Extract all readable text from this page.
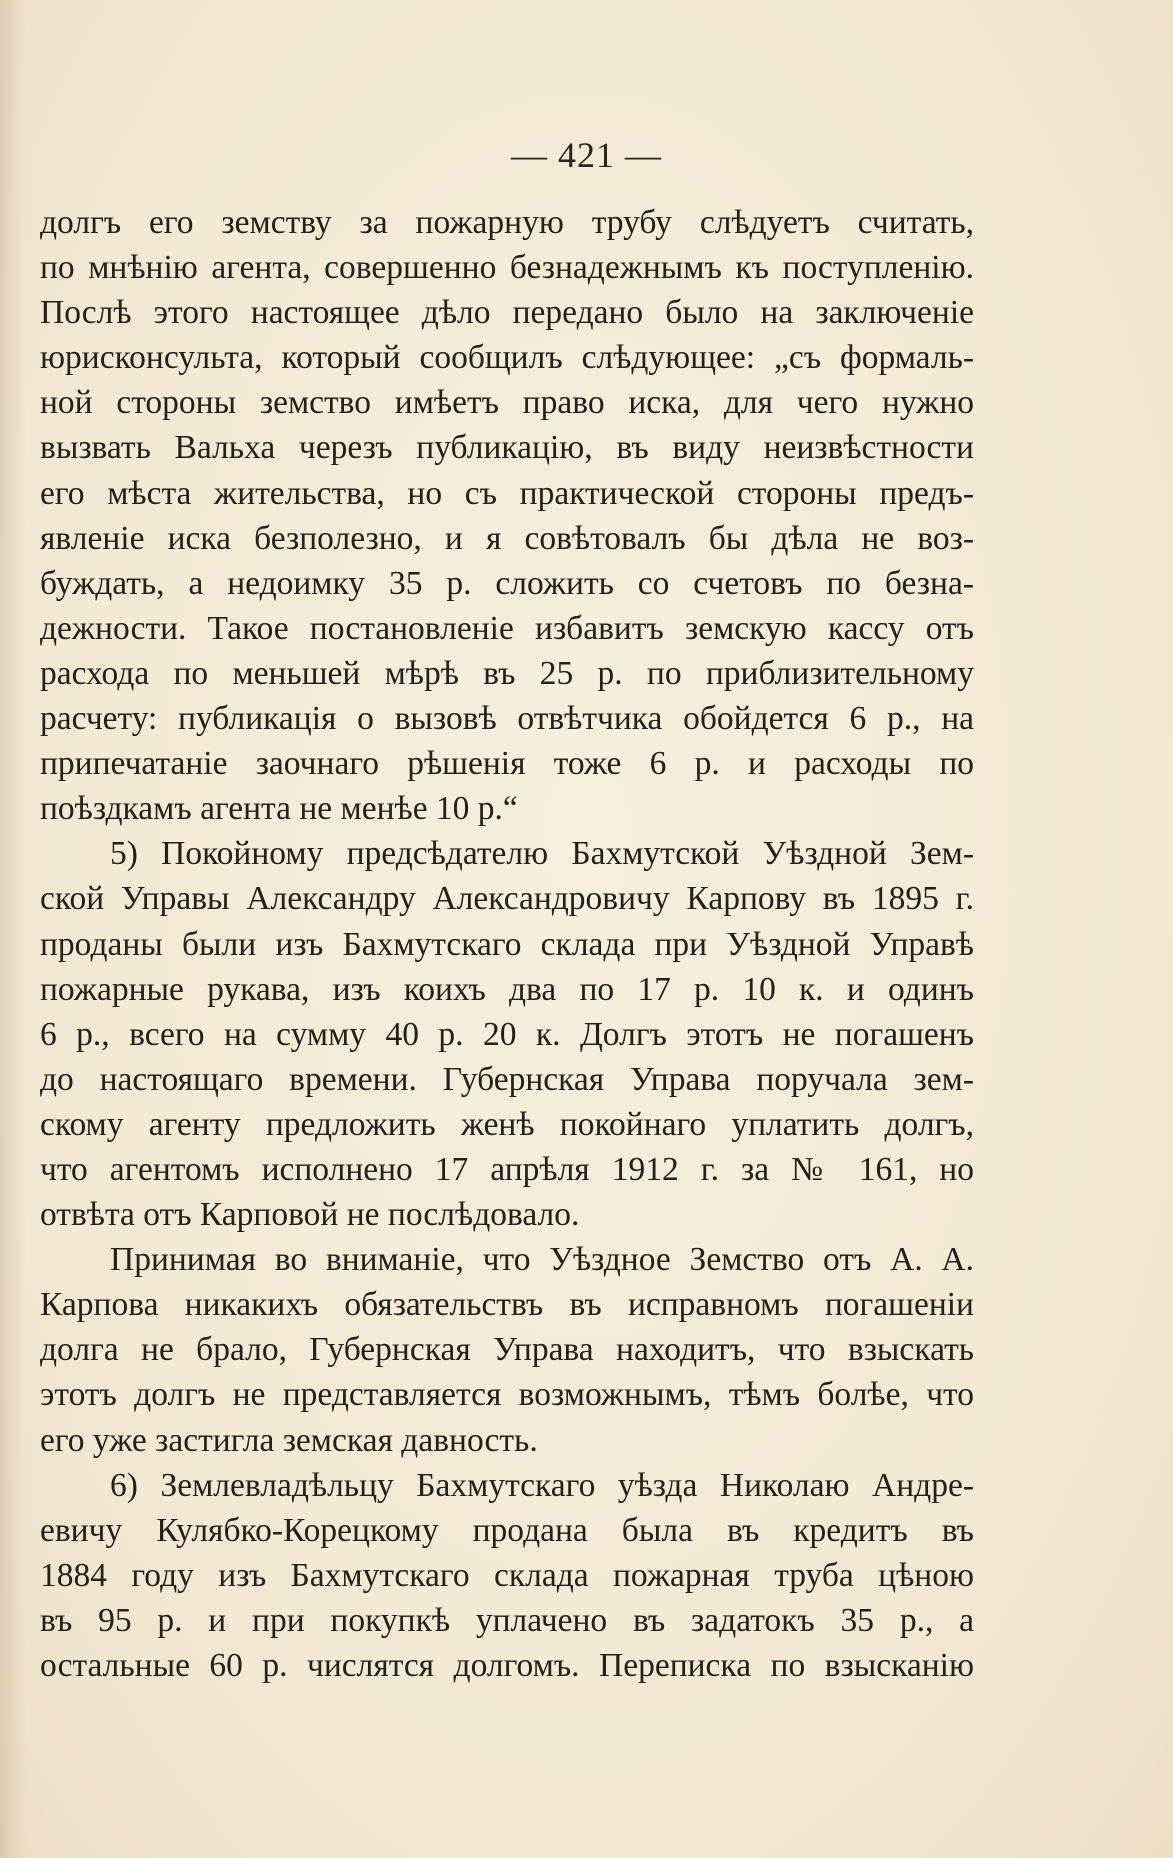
— 421 —
долгъ его земству за пожарную трубу слѣдуетъ считать,
по мнѣнію агента, совершенно безнадежнымъ къ поступленію.
Послѣ этого настоящее дѣло передано было на заключеніе
юрисконсульта, который сообщилъ слѣдующее: „съ формаль-
ной стороны земство имѣетъ право иска, для чего нужно
вызвать Вальха черезъ публикацію, въ виду неизвѣстности
его мѣста жительства, но съ практической стороны предъ-
явленіе иска безполезно, и я совѣтовалъ бы дѣла не воз-
буждать, а недоимку 35 р. сложить со счетовъ по безна-
дежности. Такое постановленіе избавитъ земскую кассу отъ
расхода по меньшей мѣрѣ въ 25 р. по приблизительному
расчету: публикація о вызовѣ отвѣтчика обойдется 6 р., на
припечатаніе заочнаго рѣшенія тоже 6 р. и расходы по
поѣздкамъ агента не менѣе 10 р.“
5) Покойному предсѣдателю Бахмутской Уѣздной Зем-
ской Управы Александру Александровичу Карпову въ 1895 г.
проданы были изъ Бахмутскаго склада при Уѣздной Управѣ
пожарные рукава, изъ коихъ два по 17 р. 10 к. и одинъ
6 р., всего на сумму 40 р. 20 к. Долгъ этотъ не погашенъ
до настоящаго времени. Губернская Управа поручала зем-
скому агенту предложить женѣ покойнаго уплатить долгъ,
что агентомъ исполнено 17 апрѣля 1912 г. за № 161, но
отвѣта отъ Карповой не послѣдовало.
Принимая во вниманіе, что Уѣздное Земство отъ А. А.
Карпова никакихъ обязательствъ въ исправномъ погашеніи
долга не брало, Губернская Управа находитъ, что взыскать
этотъ долгъ не представляется возможнымъ, тѣмъ болѣе, что
его уже застигла земская давность.
6) Землевладѣльцу Бахмутскаго уѣзда Николаю Андре-
евичу Кулябко-Корецкому продана была въ кредитъ въ
1884 году изъ Бахмутскаго склада пожарная труба цѣною
въ 95 р. и при покупкѣ уплачено въ задатокъ 35 р., а
остальные 60 р. числятся долгомъ. Переписка по взысканію
